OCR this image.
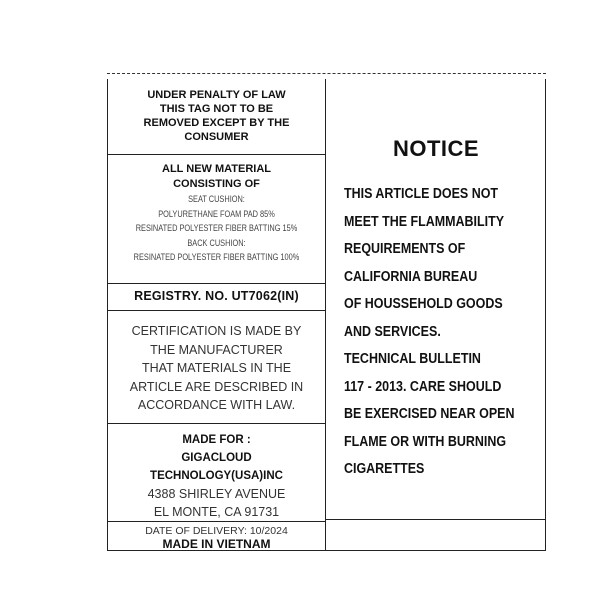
UNDER PENALTY OF LAW
THIS TAG NOT TO BE
REMOVED EXCEPT BY THE
CONSUMER
ALL NEW MATERIAL
CONSISTING OF
SEAT CUSHION:
POLYURETHANE FOAM PAD 85%
RESINATED POLYESTER FIBER BATTING 15%
BACK CUSHION:
RESINATED POLYESTER FIBER BATTING 100%
REGISTRY. NO. UT7062(IN)
CERTIFICATION IS MADE BY
THE MANUFACTURER
THAT MATERIALS IN THE
ARTICLE ARE DESCRIBED IN
ACCORDANCE WITH LAW.
MADE FOR :
GIGACLOUD
TECHNOLOGY(USA)INC
4388 SHIRLEY AVENUE
EL MONTE, CA 91731
DATE OF DELIVERY: 10/2024
MADE IN VIETNAM
NOTICE
THIS ARTICLE DOES NOT
MEET THE FLAMMABILITY
REQUIREMENTS OF
CALIFORNIA BUREAU
OF HOUSSEHOLD GOODS
AND SERVICES.
TECHNICAL BULLETIN
117 - 2013. CARE SHOULD
BE EXERCISED NEAR OPEN
FLAME OR WITH BURNING
CIGARETTES
